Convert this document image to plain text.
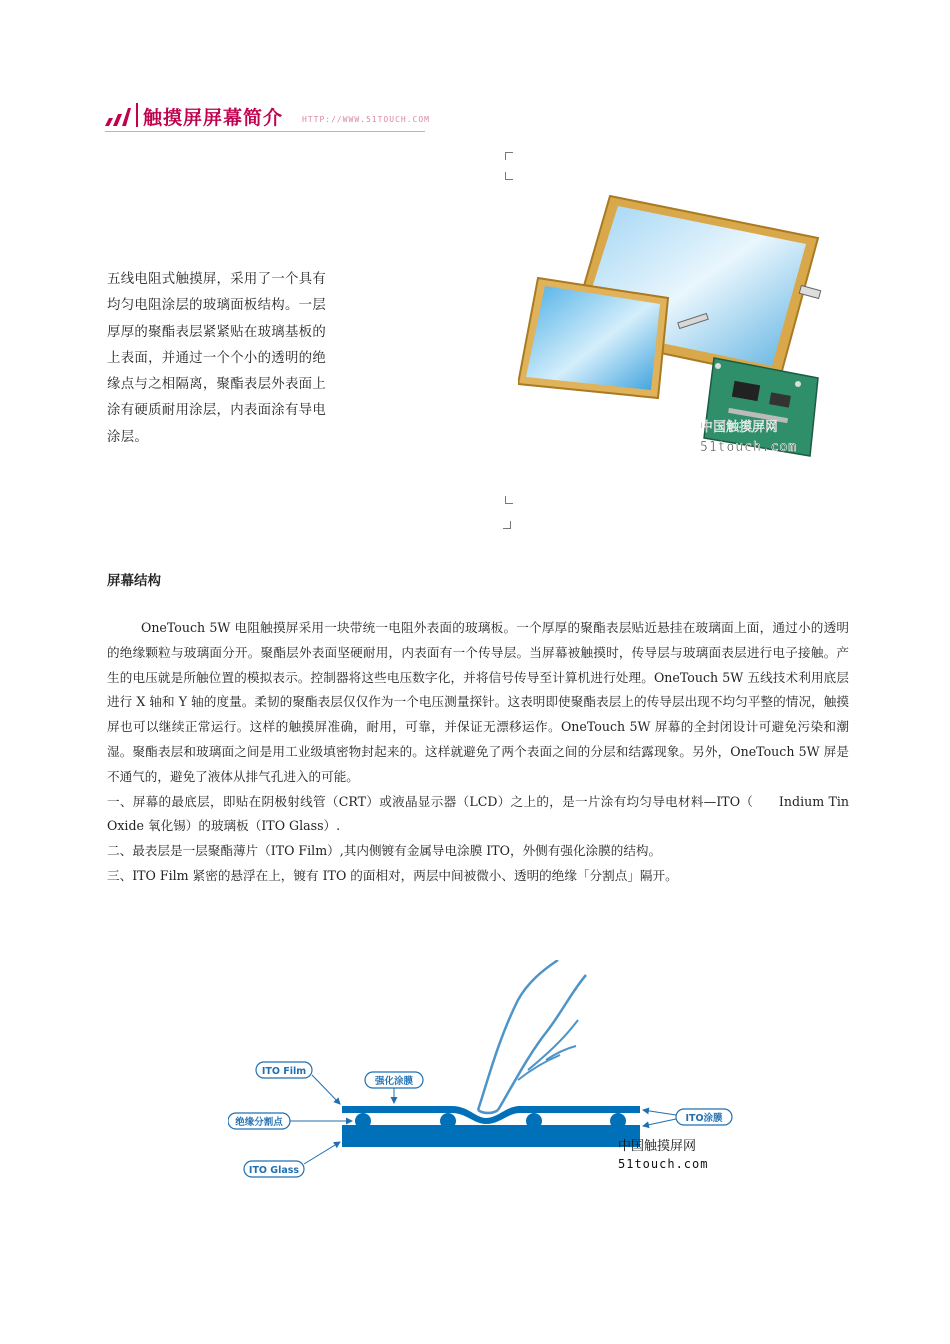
触摸屏屏幕简介 HTTP://WWW.51TOUCH.COM
五线电阻式触摸屏，采用了一个具有均匀电阻涂层的玻璃面板结构。一层厚厚的聚酯表层紧紧贴在玻璃基板的上表面，并通过一个个小的透明的绝缘点与之相隔离，聚酯表层外表面上涂有硬质耐用涂层，内表面涂有导电涂层。
中国触摸屏网
51touch.com
屏幕结构

OneTouch 5W 电阻触摸屏采用一块带统一电阻外表面的玻璃板。一个厚厚的聚酯表层贴近悬挂在玻璃面上面，通过小的透明的绝缘颗粒与玻璃面分开。聚酯层外表面坚硬耐用，内表面有一个传导层。当屏幕被触摸时，传导层与玻璃面表层进行电子接触。产生的电压就是所触位置的模拟表示。控制器将这些电压数字化，并将信号传导至计算机进行处理。OneTouch 5W 五线技术利用底层进行 X 轴和 Y 轴的度量。柔韧的聚酯表层仅仅作为一个电压测量探针。这表明即使聚酯表层上的传导层出现不均匀平整的情况，触摸屏也可以继续正常运行。这样的触摸屏准确，耐用，可靠，并保证无漂移运作。OneTouch 5W 屏幕的全封闭设计可避免污染和潮湿。聚酯表层和玻璃面之间是用工业级填密物封起来的。这样就避免了两个表面之间的分层和结露现象。另外，OneTouch 5W 屏是不通气的，避免了液体从排气孔进入的可能。

一、屏幕的最底层，即贴在阴极射线管（CRT）或液晶显示器（LCD）之上的，是一片涂有均匀导电材料—ITO（　　Indium Tin Oxide 氧化锡）的玻璃板（ITO Glass）.

二、最表层是一层聚酯薄片（ITO Film）,其内侧镀有金属导电涂膜 ITO，外侧有强化涂膜的结构。

三、ITO Film 紧密的悬浮在上，镀有 ITO 的面相对，两层中间被微小、透明的绝缘「分割点」隔开。

ITO Film
强化涂膜
绝缘分割点
ITO Glass
ITO涂膜
中国触摸屏网
51touch.com
